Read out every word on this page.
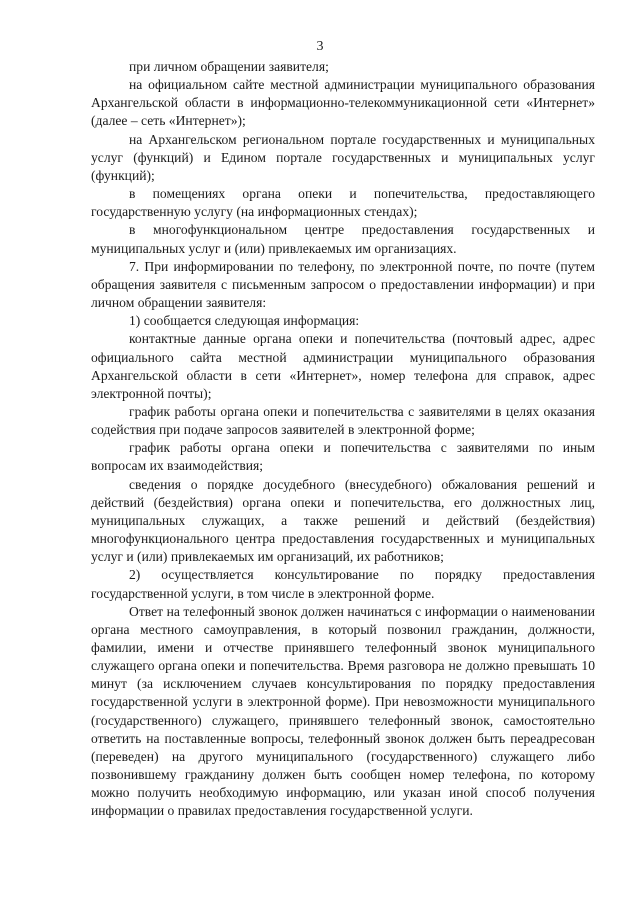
3

при личном обращении заявителя;

на официальном сайте местной администрации муниципального образования Архангельской области в информационно-телекоммуникационной сети «Интернет» (далее – сеть «Интернет»);

на Архангельском региональном портале государственных и муниципальных услуг (функций) и Едином портале государственных и муниципальных услуг (функций);

в помещениях органа опеки и попечительства, предоставляющего государственную услугу (на информационных стендах);

в многофункциональном центре предоставления государственных и муниципальных услуг и (или) привлекаемых им организациях.

7. При информировании по телефону, по электронной почте, по почте (путем обращения заявителя с письменным запросом о предоставлении информации) и при личном обращении заявителя:

1) сообщается следующая информация:

контактные данные органа опеки и попечительства (почтовый адрес, адрес официального сайта местной администрации муниципального образования Архангельской области в сети «Интернет», номер телефона для справок, адрес электронной почты);

график работы органа опеки и попечительства с заявителями в целях оказания содействия при подаче запросов заявителей в электронной форме;

график работы органа опеки и попечительства с заявителями по иным вопросам их взаимодействия;

сведения о порядке досудебного (внесудебного) обжалования решений и действий (бездействия) органа опеки и попечительства, его должностных лиц, муниципальных служащих, а также решений и действий (бездействия) многофункционального центра предоставления государственных и муниципальных услуг и (или) привлекаемых им организаций, их работников;

2) осуществляется консультирование по порядку предоставления государственной услуги, в том числе в электронной форме.

Ответ на телефонный звонок должен начинаться с информации о наименовании органа местного самоуправления, в который позвонил гражданин, должности, фамилии, имени и отчестве принявшего телефонный звонок муниципального служащего органа опеки и попечительства. Время разговора не должно превышать 10 минут (за исключением случаев консультирования по порядку предоставления государственной услуги в электронной форме). При невозможности муниципального (государственного) служащего, принявшего телефонный звонок, самостоятельно ответить на поставленные вопросы, телефонный звонок должен быть переадресован (переведен) на другого муниципального (государственного) служащего либо позвонившему гражданину должен быть сообщен номер телефона, по которому можно получить необходимую информацию, или указан иной способ получения информации о правилах предоставления государственной услуги.
